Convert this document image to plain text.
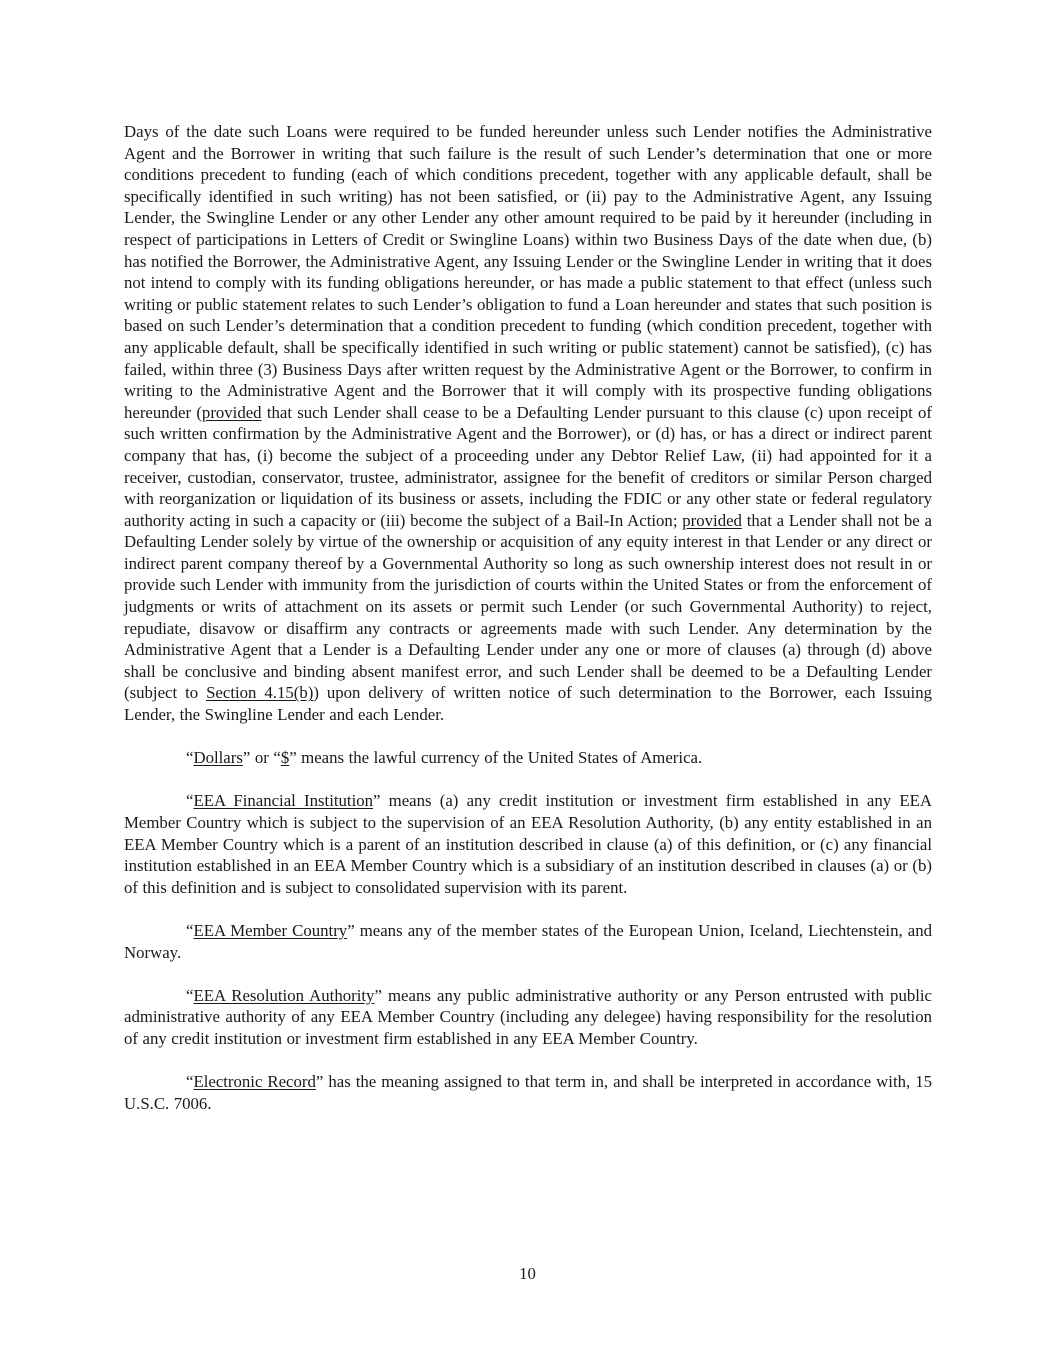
Days of the date such Loans were required to be funded hereunder unless such Lender notifies the Administrative Agent and the Borrower in writing that such failure is the result of such Lender’s determination that one or more conditions precedent to funding (each of which conditions precedent, together with any applicable default, shall be specifically identified in such writing) has not been satisfied, or (ii) pay to the Administrative Agent, any Issuing Lender, the Swingline Lender or any other Lender any other amount required to be paid by it hereunder (including in respect of participations in Letters of Credit or Swingline Loans) within two Business Days of the date when due, (b) has notified the Borrower, the Administrative Agent, any Issuing Lender or the Swingline Lender in writing that it does not intend to comply with its funding obligations hereunder, or has made a public statement to that effect (unless such writing or public statement relates to such Lender’s obligation to fund a Loan hereunder and states that such position is based on such Lender’s determination that a condition precedent to funding (which condition precedent, together with any applicable default, shall be specifically identified in such writing or public statement) cannot be satisfied), (c) has failed, within three (3) Business Days after written request by the Administrative Agent or the Borrower, to confirm in writing to the Administrative Agent and the Borrower that it will comply with its prospective funding obligations hereunder (provided that such Lender shall cease to be a Defaulting Lender pursuant to this clause (c) upon receipt of such written confirmation by the Administrative Agent and the Borrower), or (d) has, or has a direct or indirect parent company that has, (i) become the subject of a proceeding under any Debtor Relief Law, (ii) had appointed for it a receiver, custodian, conservator, trustee, administrator, assignee for the benefit of creditors or similar Person charged with reorganization or liquidation of its business or assets, including the FDIC or any other state or federal regulatory authority acting in such a capacity or (iii) become the subject of a Bail-In Action; provided that a Lender shall not be a Defaulting Lender solely by virtue of the ownership or acquisition of any equity interest in that Lender or any direct or indirect parent company thereof by a Governmental Authority so long as such ownership interest does not result in or provide such Lender with immunity from the jurisdiction of courts within the United States or from the enforcement of judgments or writs of attachment on its assets or permit such Lender (or such Governmental Authority) to reject, repudiate, disavow or disaffirm any contracts or agreements made with such Lender. Any determination by the Administrative Agent that a Lender is a Defaulting Lender under any one or more of clauses (a) through (d) above shall be conclusive and binding absent manifest error, and such Lender shall be deemed to be a Defaulting Lender (subject to Section 4.15(b)) upon delivery of written notice of such determination to the Borrower, each Issuing Lender, the Swingline Lender and each Lender.

“Dollars” or “$” means the lawful currency of the United States of America.

“EEA Financial Institution” means (a) any credit institution or investment firm established in any EEA Member Country which is subject to the supervision of an EEA Resolution Authority, (b) any entity established in an EEA Member Country which is a parent of an institution described in clause (a) of this definition, or (c) any financial institution established in an EEA Member Country which is a subsidiary of an institution described in clauses (a) or (b) of this definition and is subject to consolidated supervision with its parent.

“EEA Member Country” means any of the member states of the European Union, Iceland, Liechtenstein, and Norway.

“EEA Resolution Authority” means any public administrative authority or any Person entrusted with public administrative authority of any EEA Member Country (including any delegee) having responsibility for the resolution of any credit institution or investment firm established in any EEA Member Country.

“Electronic Record” has the meaning assigned to that term in, and shall be interpreted in accordance with, 15 U.S.C. 7006.

10
